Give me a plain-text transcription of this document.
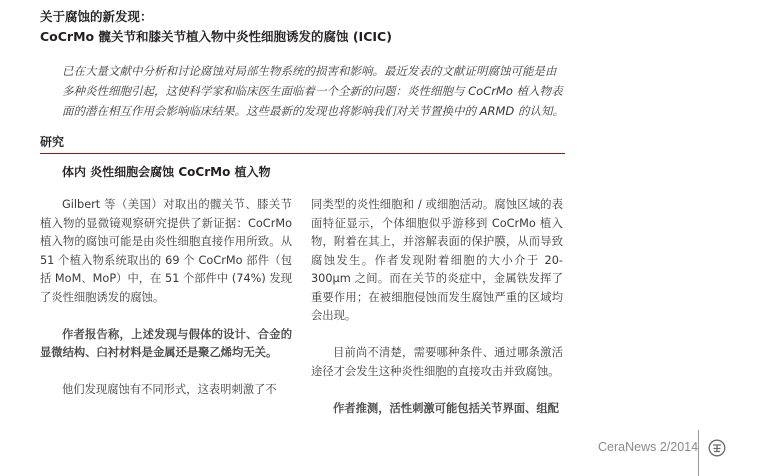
关于腐蚀的新发现：
CoCrMo 髋关节和膝关节植入物中炎性细胞诱发的腐蚀 (ICIC)

已在大量文献中分析和讨论腐蚀对局部生物系统的损害和影响。最近发表的文献证明腐蚀可能是由多种炎性细胞引起，这使科学家和临床医生面临着一个全新的问题：炎性细胞与 CoCrMo 植入物表面的潜在相互作用会影响临床结果。这些最新的发现也将影响我们对关节置换中的 ARMD 的认知。

研究
体内 炎性细胞会腐蚀 CoCrMo 植入物

Gilbert 等（美国）对取出的髋关节、膝关节植入物的显微镜观察研究提供了新证据：CoCrMo 植入物的腐蚀可能是由炎性细胞直接作用所致。从 51 个植入物系统取出的 69 个 CoCrMo 部件（包括 MoM、MoP）中，在 51 个部件中 (74%) 发现了炎性细胞诱发的腐蚀。

作者报告称，上述发现与假体的设计、合金的显微结构、臼衬材料是金属还是聚乙烯均无关。

他们发现腐蚀有不同形式，这表明刺激了不

同类型的炎性细胞和 / 或细胞活动。腐蚀区域的表面特征显示，个体细胞似乎游移到 CoCrMo 植入物，附着在其上，并溶解表面的保护膜，从而导致腐蚀发生。作者发现附着细胞的大小介于 20-300μm 之间。而在关节的炎症中，金属铁发挥了重要作用；在被细胞侵蚀而发生腐蚀严重的区域均会出现。

目前尚不清楚，需要哪种条件、通过哪条激活途径才会发生这种炎性细胞的直接攻击并致腐蚀。

作者推测，活性刺激可能包括关节界面、组配

CeraNews 2/2014
